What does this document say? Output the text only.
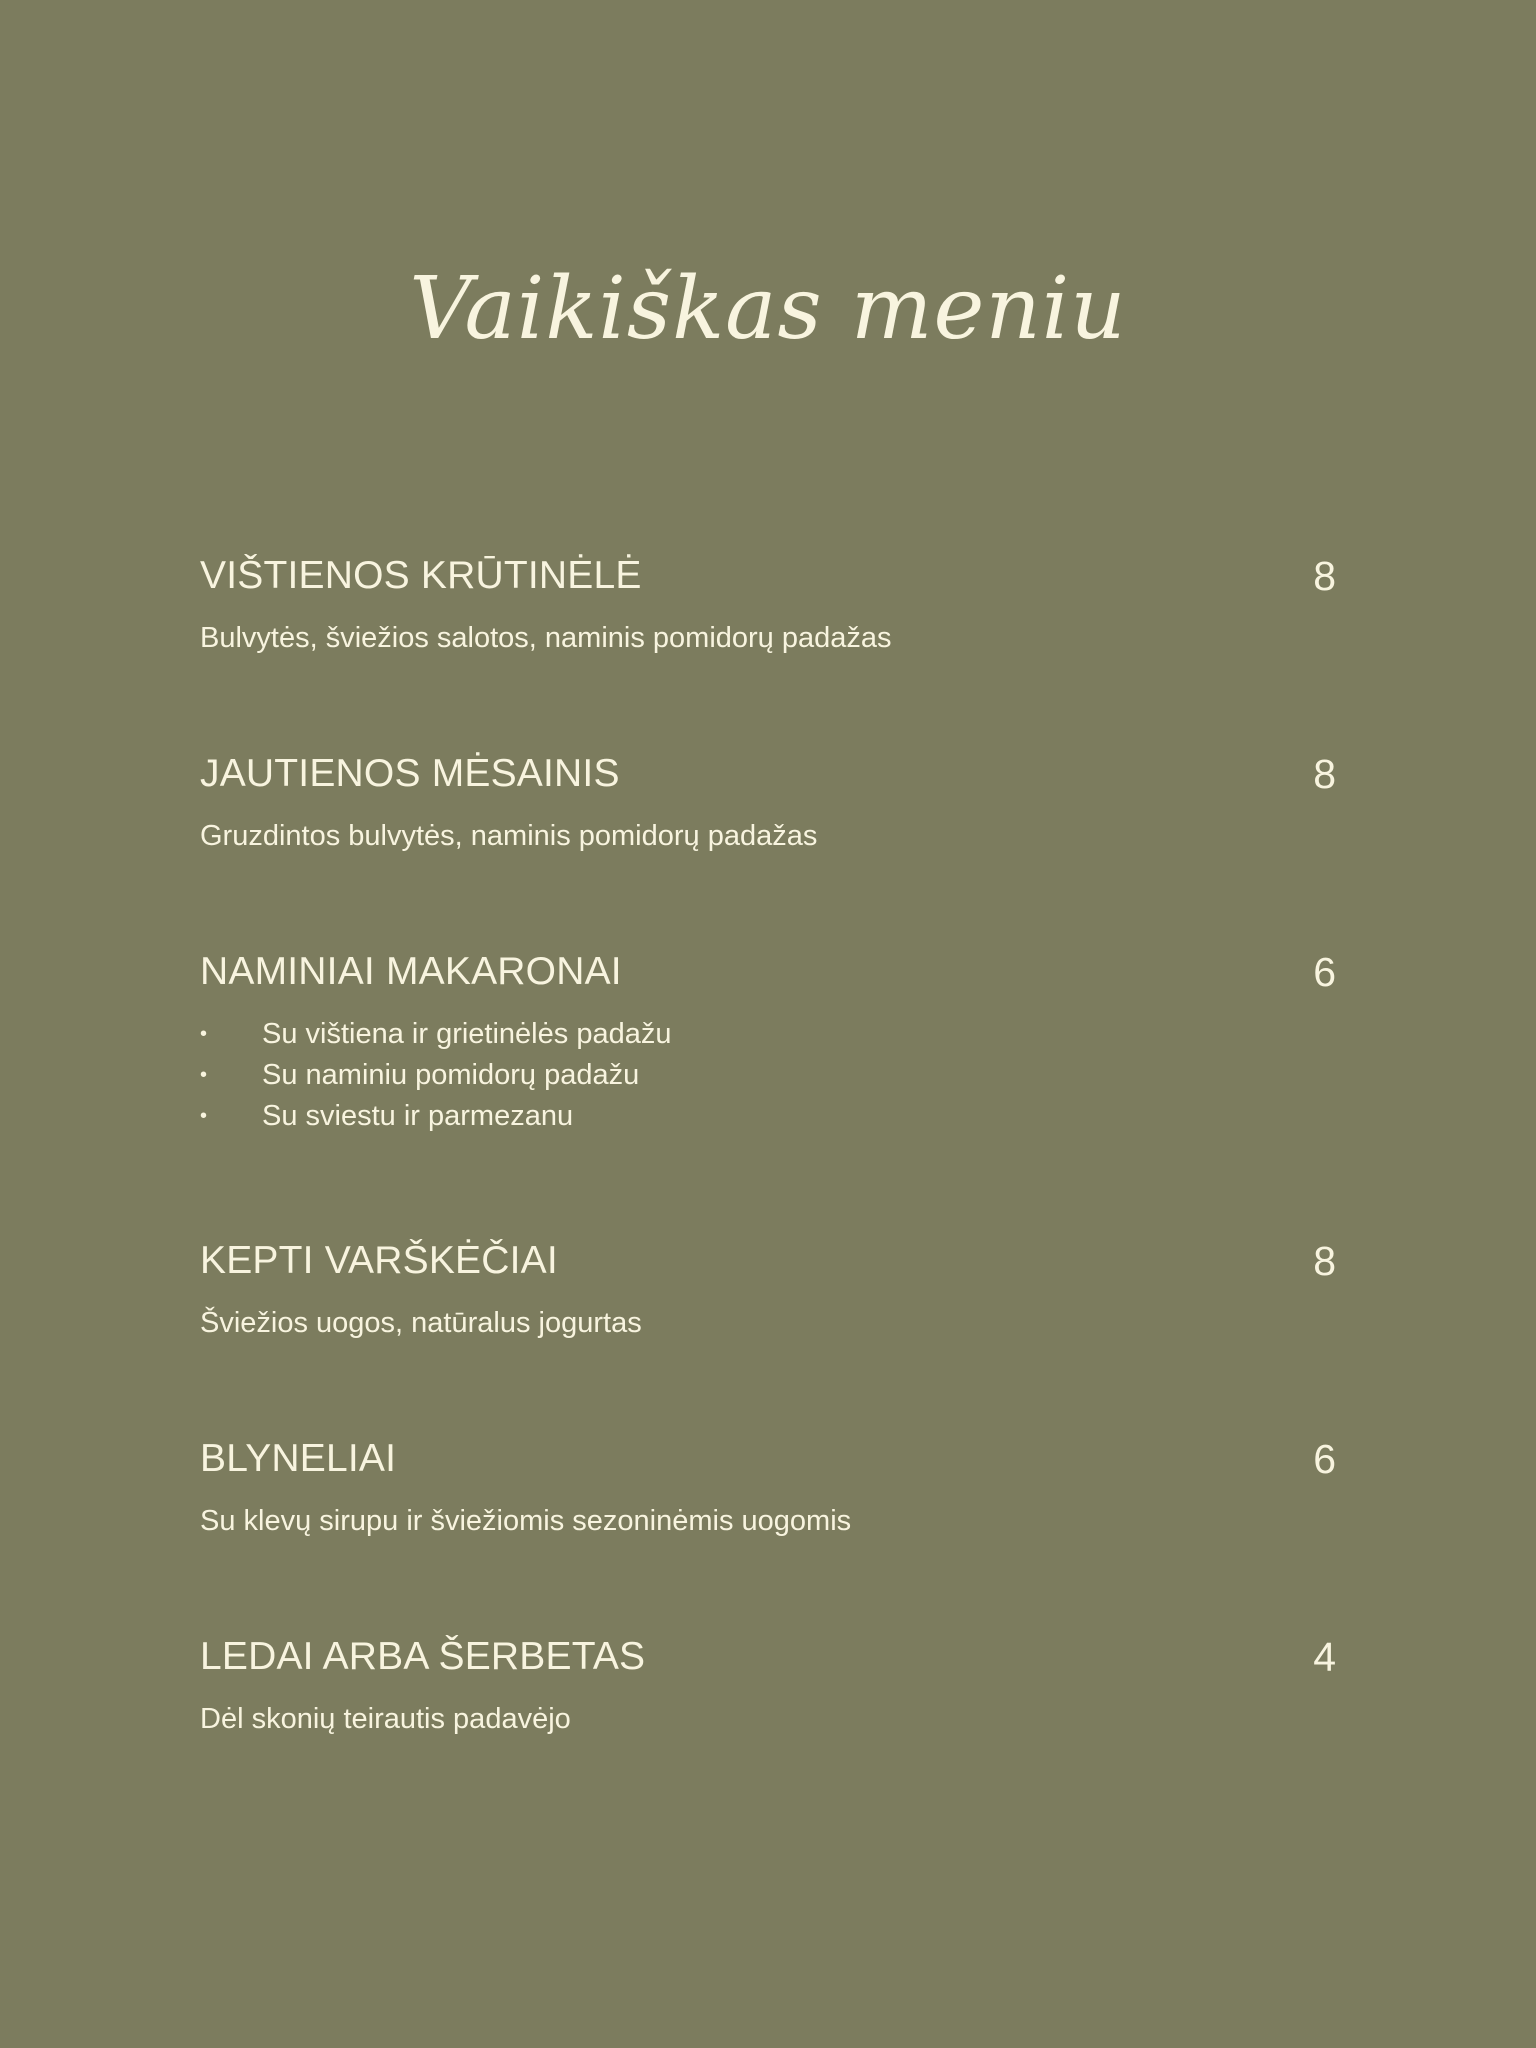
Vaikiškas meniu
VIŠTIENOS KRŪTINĖLĖ	8
Bulvytės, šviežios salotos, naminis pomidorų padažas
JAUTIENOS MĖSAINIS	8
Gruzdintos bulvytės, naminis pomidorų padažas
NAMINIAI MAKARONAI	6
• Su vištiena ir grietinėlės padažu
• Su naminiu pomidorų padažu
• Su sviestu ir parmezanu
KEPTI VARŠKĖČIAI	8
Šviežios uogos, natūralus jogurtas
BLYNELIAI	6
Su klevų sirupu ir šviežiomis sezoninėmis uogomis
LEDAI ARBA ŠERBETAS	4
Dėl skonių teirautis padavėjo
